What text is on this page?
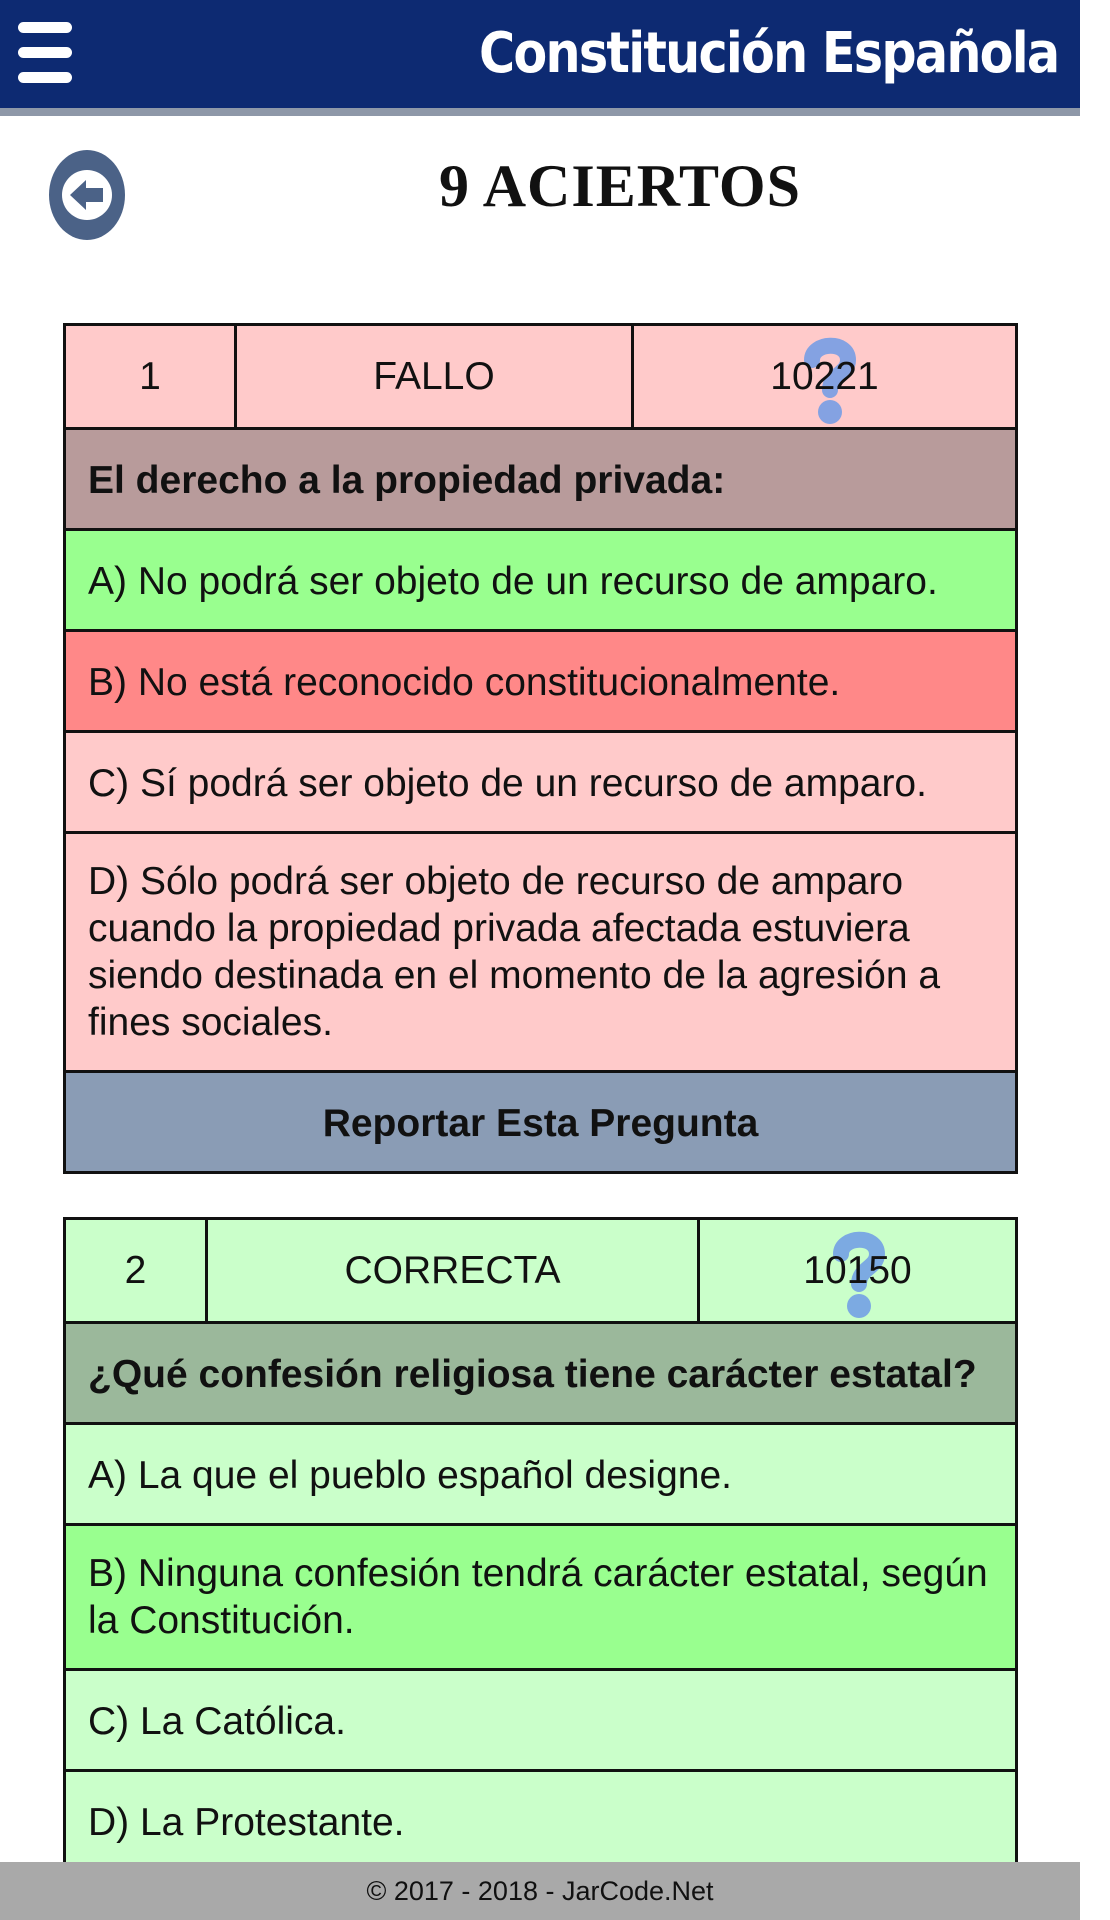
Constitución Española
9 ACIERTOS
1	FALLO	10221
El derecho a la propiedad privada:
A) No podrá ser objeto de un recurso de amparo.
B) No está reconocido constitucionalmente.
C) Sí podrá ser objeto de un recurso de amparo.
D) Sólo podrá ser objeto de recurso de amparo cuando la propiedad privada afectada estuviera siendo destinada en el momento de la agresión a fines sociales.
Reportar Esta Pregunta
2	CORRECTA	10150
¿Qué confesión religiosa tiene carácter estatal?
A) La que el pueblo español designe.
B) Ninguna confesión tendrá carácter estatal, según la Constitución.
C) La Católica.
D) La Protestante.
© 2017 - 2018 - JarCode.Net
